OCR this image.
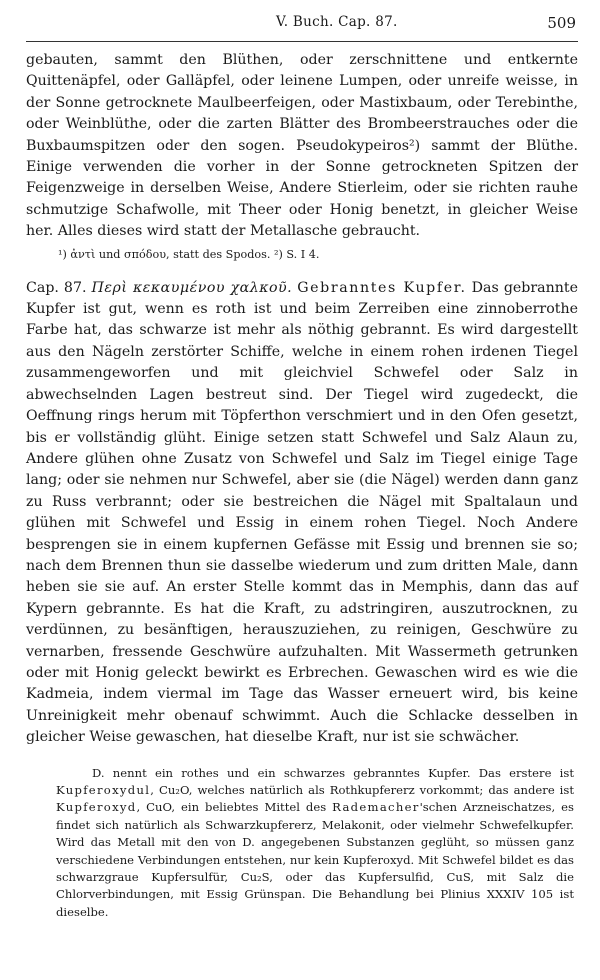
V. Buch. Cap. 87.	509

gebauten, sammt den Blüthen, oder zerschnittene und entkernte Quittenäpfel, oder Galläpfel, oder leinene Lumpen, oder unreife weisse, in der Sonne getrocknete Maulbeerfeigen, oder Mastixbaum, oder Terebinthe, oder Weinblüthe, oder die zarten Blätter des Brombeerstrauches oder die Buxbaumspitzen oder den sogen. Pseudokypeiros²) sammt der Blüthe. Einige verwenden die vorher in der Sonne getrockneten Spitzen der Feigenzweige in derselben Weise, Andere Stierleim, oder sie richten rauhe schmutzige Schafwolle, mit Theer oder Honig benetzt, in gleicher Weise her. Alles dieses wird statt der Metallasche gebraucht.

¹) ἀντὶ und σπόδου, statt des Spodos. ²) S. I 4.

Cap. 87. Περὶ κεκαυμένου χαλκοῦ. Gebranntes Kupfer. Das gebrannte Kupfer ist gut, wenn es roth ist und beim Zerreiben eine zinnoberrothe Farbe hat, das schwarze ist mehr als nöthig gebrannt. Es wird dargestellt aus den Nägeln zerstörter Schiffe, welche in einem rohen irdenen Tiegel zusammengeworfen und mit gleichviel Schwefel oder Salz in abwechselnden Lagen bestreut sind. Der Tiegel wird zugedeckt, die Oeffnung rings herum mit Töpferthon verschmiert und in den Ofen gesetzt, bis er vollständig glüht. Einige setzen statt Schwefel und Salz Alaun zu, Andere glühen ohne Zusatz von Schwefel und Salz im Tiegel einige Tage lang; oder sie nehmen nur Schwefel, aber sie (die Nägel) werden dann ganz zu Russ verbrannt; oder sie bestreichen die Nägel mit Spaltalaun und glühen mit Schwefel und Essig in einem rohen Tiegel. Noch Andere besprengen sie in einem kupfernen Gefässe mit Essig und brennen sie so; nach dem Brennen thun sie dasselbe wiederum und zum dritten Male, dann heben sie sie auf. An erster Stelle kommt das in Memphis, dann das auf Kypern gebrannte. Es hat die Kraft, zu adstringiren, auszutrocknen, zu verdünnen, zu besänftigen, herauszuziehen, zu reinigen, Geschwüre zu vernarben, fressende Geschwüre aufzuhalten. Mit Wassermeth getrunken oder mit Honig geleckt bewirkt es Erbrechen. Gewaschen wird es wie die Kadmeia, indem viermal im Tage das Wasser erneuert wird, bis keine Unreinigkeit mehr obenauf schwimmt. Auch die Schlacke desselben in gleicher Weise gewaschen, hat dieselbe Kraft, nur ist sie schwächer.

D. nennt ein rothes und ein schwarzes gebranntes Kupfer. Das erstere ist Kupferoxydul, Cu₂O, welches natürlich als Rothkupfererz vorkommt; das andere ist Kupferoxyd, CuO, ein beliebtes Mittel des Rademacher'schen Arzneischatzes, es findet sich natürlich als Schwarzkupfererz, Melakonit, oder vielmehr Schwefelkupfer. Wird das Metall mit den von D. angegebenen Substanzen geglüht, so müssen ganz verschiedene Verbindungen entstehen, nur kein Kupferoxyd. Mit Schwefel bildet es das schwarzgraue Kupfersulfür, Cu₂S, oder das Kupfersulfid, CuS, mit Salz die Chlorverbindungen, mit Essig Grünspan. Die Behandlung bei Plinius XXXIV 105 ist dieselbe.
